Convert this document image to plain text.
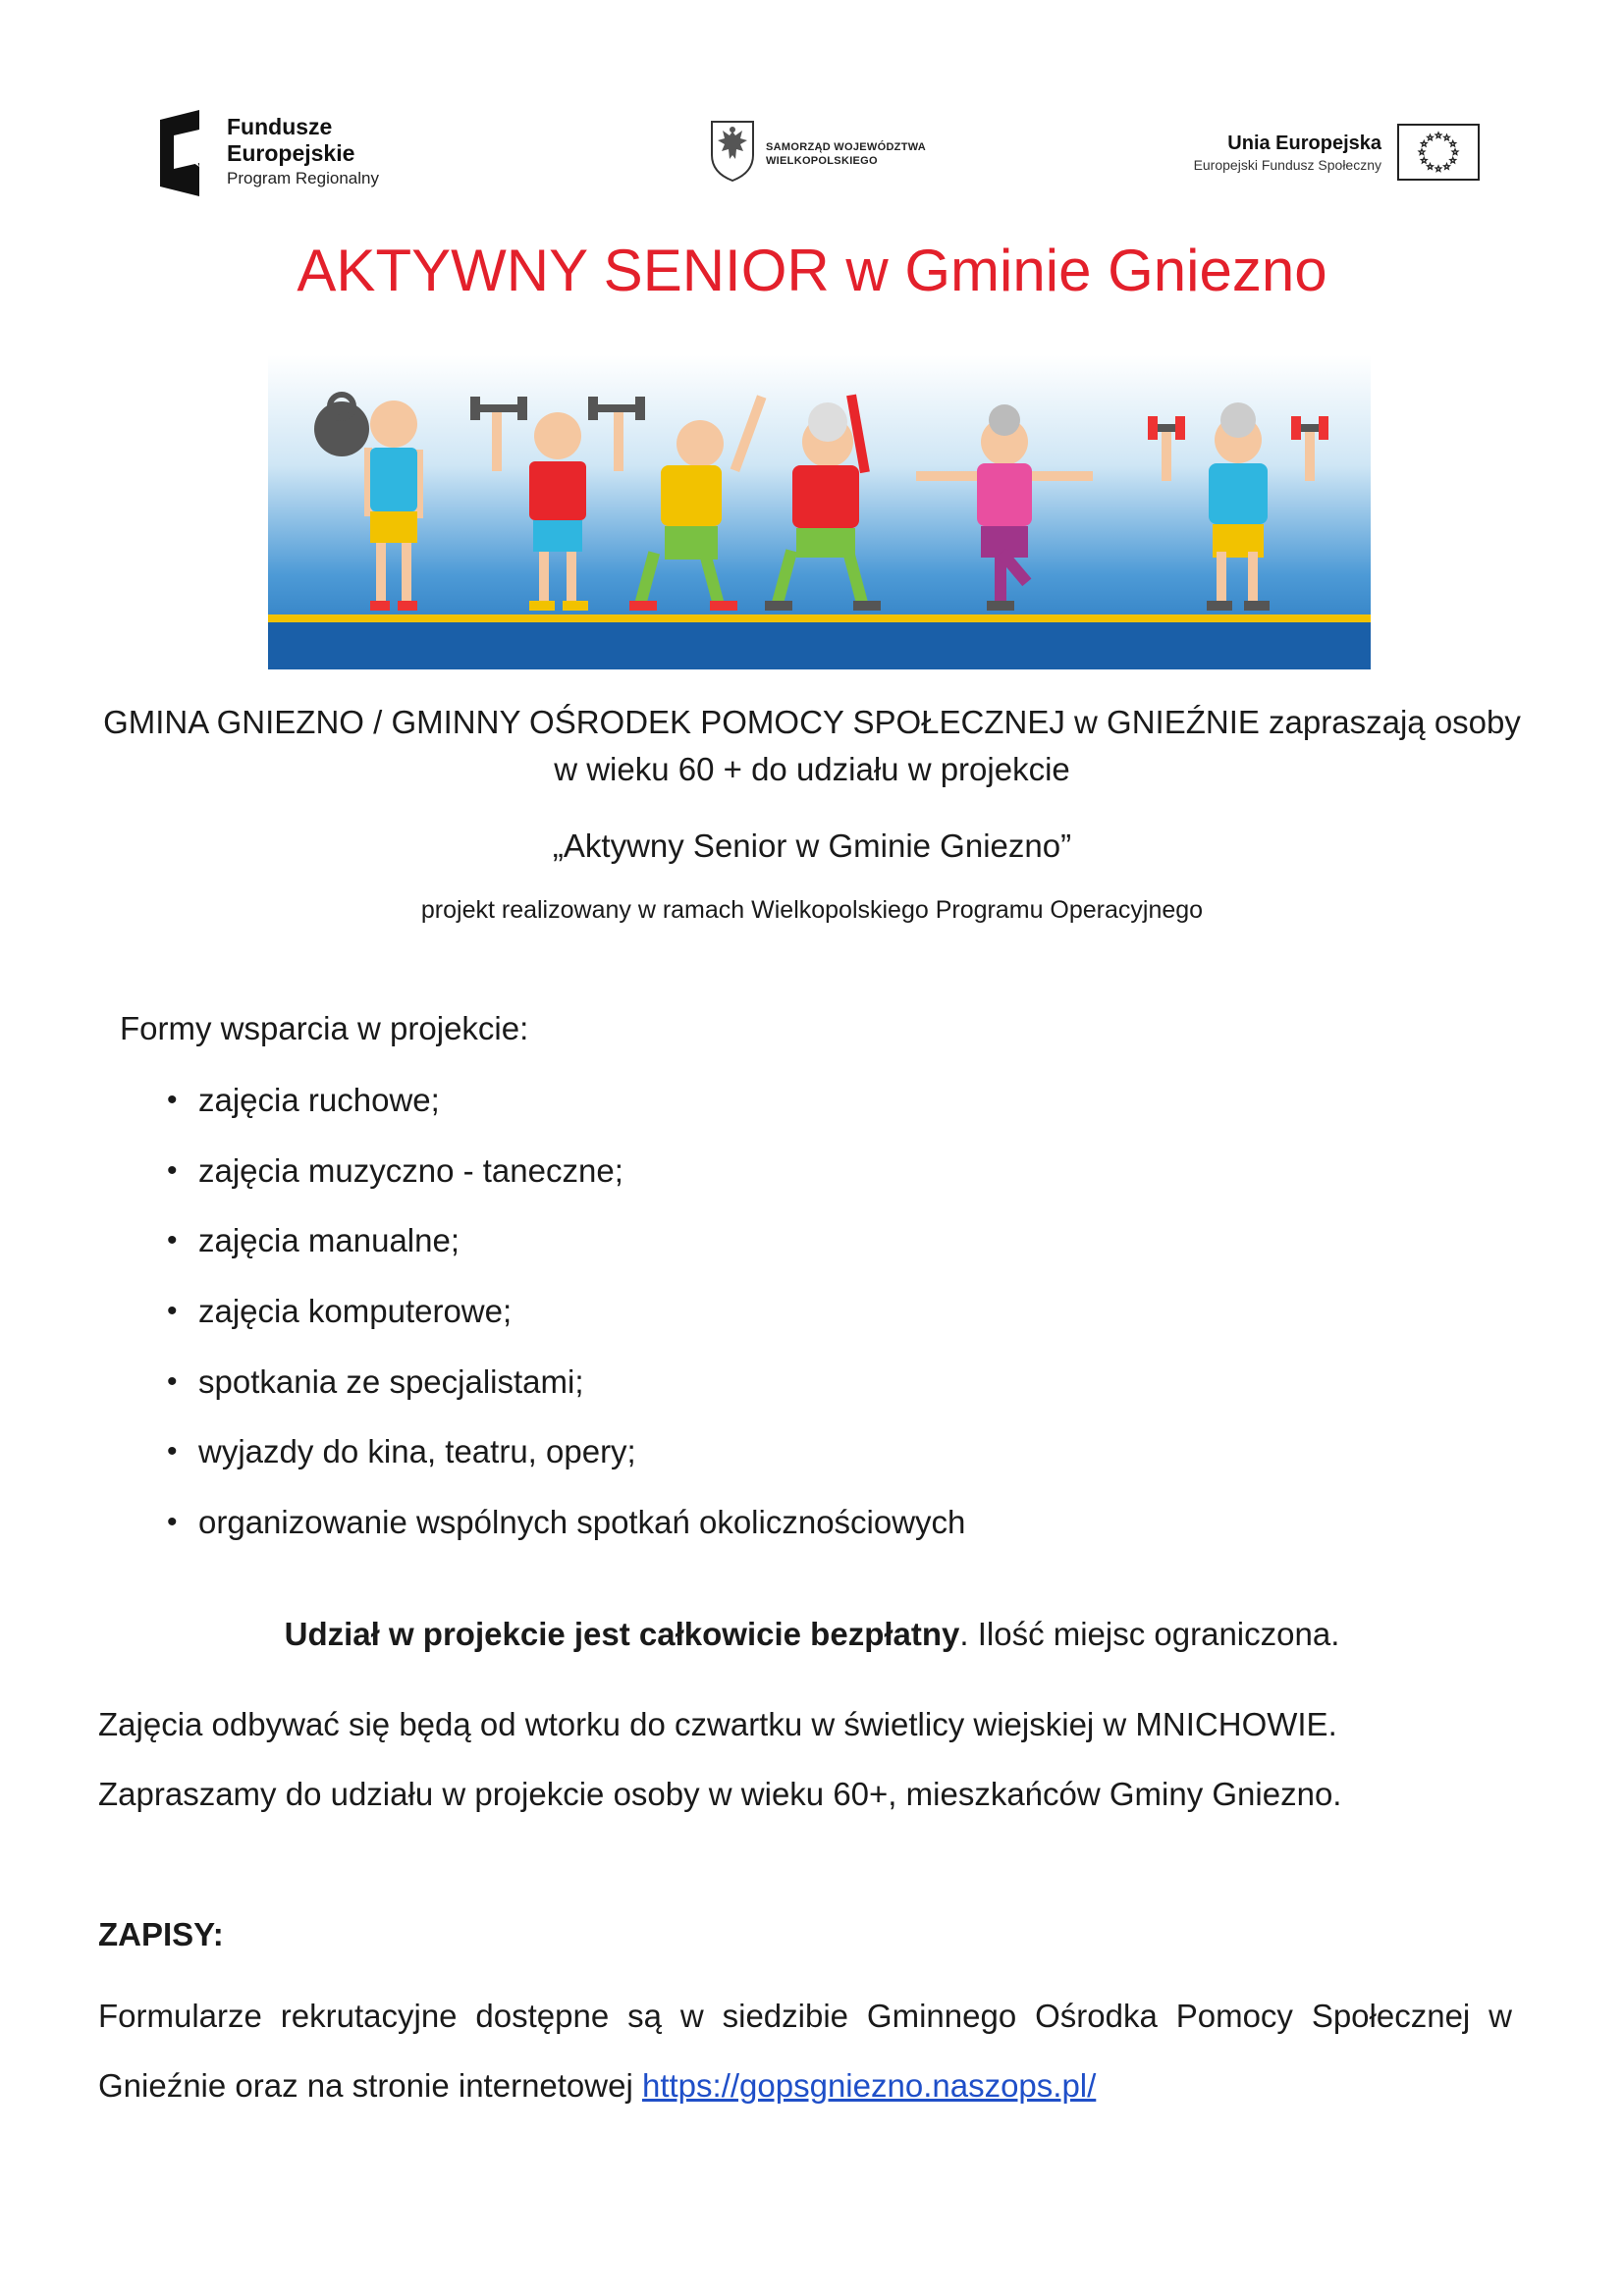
Fundusze
Europejskie
Program Regionalny
SAMORZĄD WOJEWÓDZTWA
WIELKOPOLSKIEGO
Unia Europejska
Europejski Fundusz Społeczny
AKTYWNY SENIOR w Gminie Gniezno
GMINA GNIEZNO / GMINNY OŚRODEK POMOCY SPOŁECZNEJ w GNIEŹNIE zapraszają osoby
w wieku 60 + do udziału w projekcie
„Aktywny Senior w Gminie Gniezno”
projekt realizowany w ramach Wielkopolskiego Programu Operacyjnego
Formy wsparcia w projekcie:
• zajęcia ruchowe;
• zajęcia muzyczno - taneczne;
• zajęcia manualne;
• zajęcia komputerowe;
• spotkania ze specjalistami;
• wyjazdy do kina, teatru, opery;
• organizowanie wspólnych spotkań okolicznościowych
Udział w projekcie jest całkowicie bezpłatny. Ilość miejsc ograniczona.
Zajęcia odbywać się będą od wtorku do czwartku w świetlicy wiejskiej w MNICHOWIE.
Zapraszamy do udziału w projekcie osoby w wieku 60+, mieszkańców Gminy Gniezno.
ZAPISY:
Formularze rekrutacyjne dostępne są w siedzibie Gminnego Ośrodka Pomocy Społecznej w Gnieźnie oraz na stronie internetowej https://gopsgniezno.naszops.pl/
